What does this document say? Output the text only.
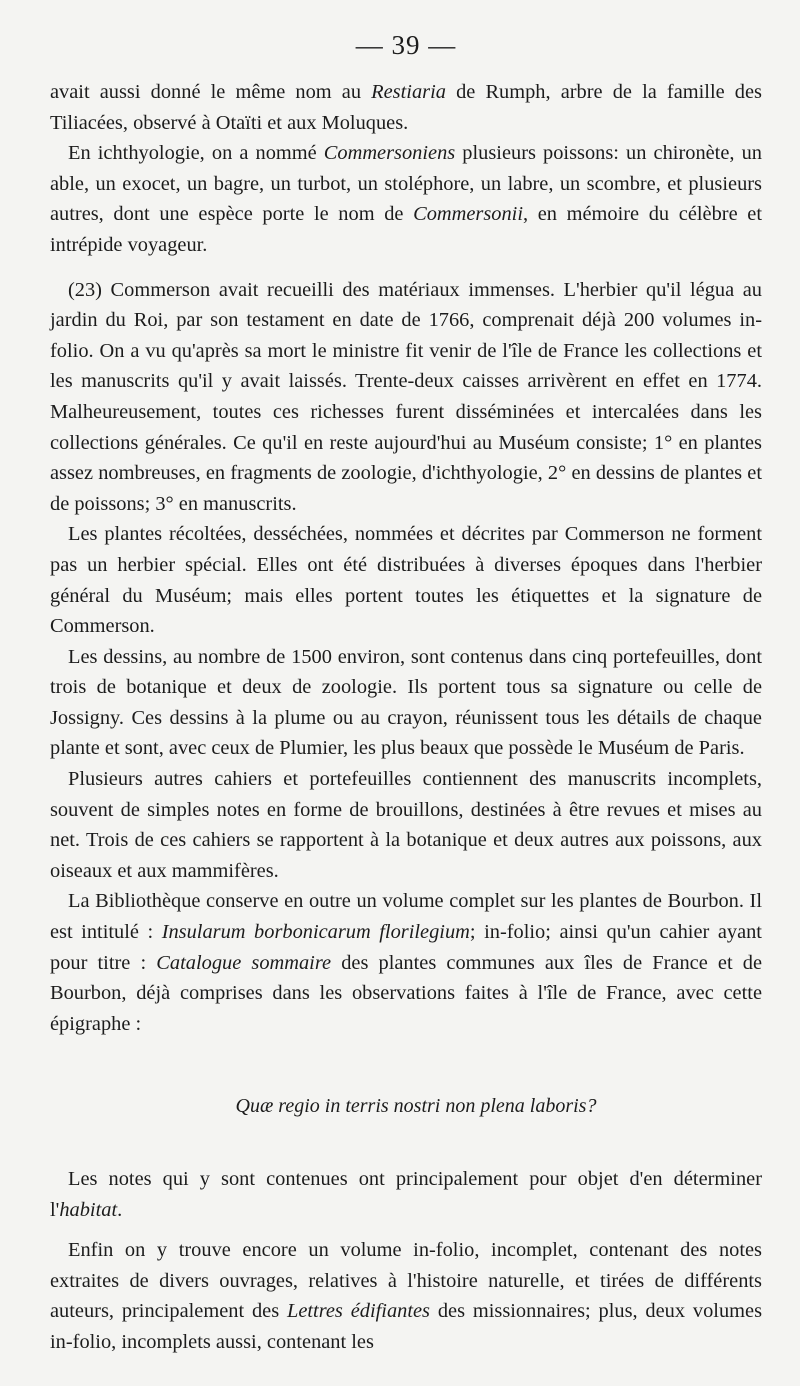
— 39 —

avait aussi donné le même nom au Restiaria de Rumph, arbre de la famille des Tiliacées, observé à Otaïti et aux Moluques.

En ichthyologie, on a nommé Commersoniens plusieurs poissons: un chironète, un able, un exocet, un bagre, un turbot, un stoléphore, un labre, un scombre, et plusieurs autres, dont une espèce porte le nom de Commersonii, en mémoire du célèbre et intrépide voyageur.

(23) Commerson avait recueilli des matériaux immenses. L'herbier qu'il légua au jardin du Roi, par son testament en date de 1766, comprenait déjà 200 volumes in-folio. On a vu qu'après sa mort le ministre fit venir de l'île de France les collections et les manuscrits qu'il y avait laissés. Trente-deux caisses arrivèrent en effet en 1774. Malheureusement, toutes ces richesses furent disséminées et intercalées dans les collections générales. Ce qu'il en reste aujourd'hui au Muséum consiste; 1° en plantes assez nombreuses, en fragments de zoologie, d'ichthyologie, 2° en dessins de plantes et de poissons; 3° en manuscrits.

Les plantes récoltées, desséchées, nommées et décrites par Commerson ne forment pas un herbier spécial. Elles ont été distribuées à diverses époques dans l'herbier général du Muséum; mais elles portent toutes les étiquettes et la signature de Commerson.

Les dessins, au nombre de 1500 environ, sont contenus dans cinq portefeuilles, dont trois de botanique et deux de zoologie. Ils portent tous sa signature ou celle de Jossigny. Ces dessins à la plume ou au crayon, réunissent tous les détails de chaque plante et sont, avec ceux de Plumier, les plus beaux que possède le Muséum de Paris.

Plusieurs autres cahiers et portefeuilles contiennent des manuscrits incomplets, souvent de simples notes en forme de brouillons, destinées à être revues et mises au net. Trois de ces cahiers se rapportent à la botanique et deux autres aux poissons, aux oiseaux et aux mammifères.

La Bibliothèque conserve en outre un volume complet sur les plantes de Bourbon. Il est intitulé : Insularum borbonicarum florilegium; in-folio; ainsi qu'un cahier ayant pour titre : Catalogue sommaire des plantes communes aux îles de France et de Bourbon, déjà comprises dans les observations faites à l'île de France, avec cette épigraphe :

Quæ regio in terris nostri non plena laboris?

Les notes qui y sont contenues ont principalement pour objet d'en déterminer l'habitat.

Enfin on y trouve encore un volume in-folio, incomplet, contenant des notes extraites de divers ouvrages, relatives à l'histoire naturelle, et tirées de différents auteurs, principalement des Lettres édifiantes des missionnaires; plus, deux volumes in-folio, incomplets aussi, contenant les
